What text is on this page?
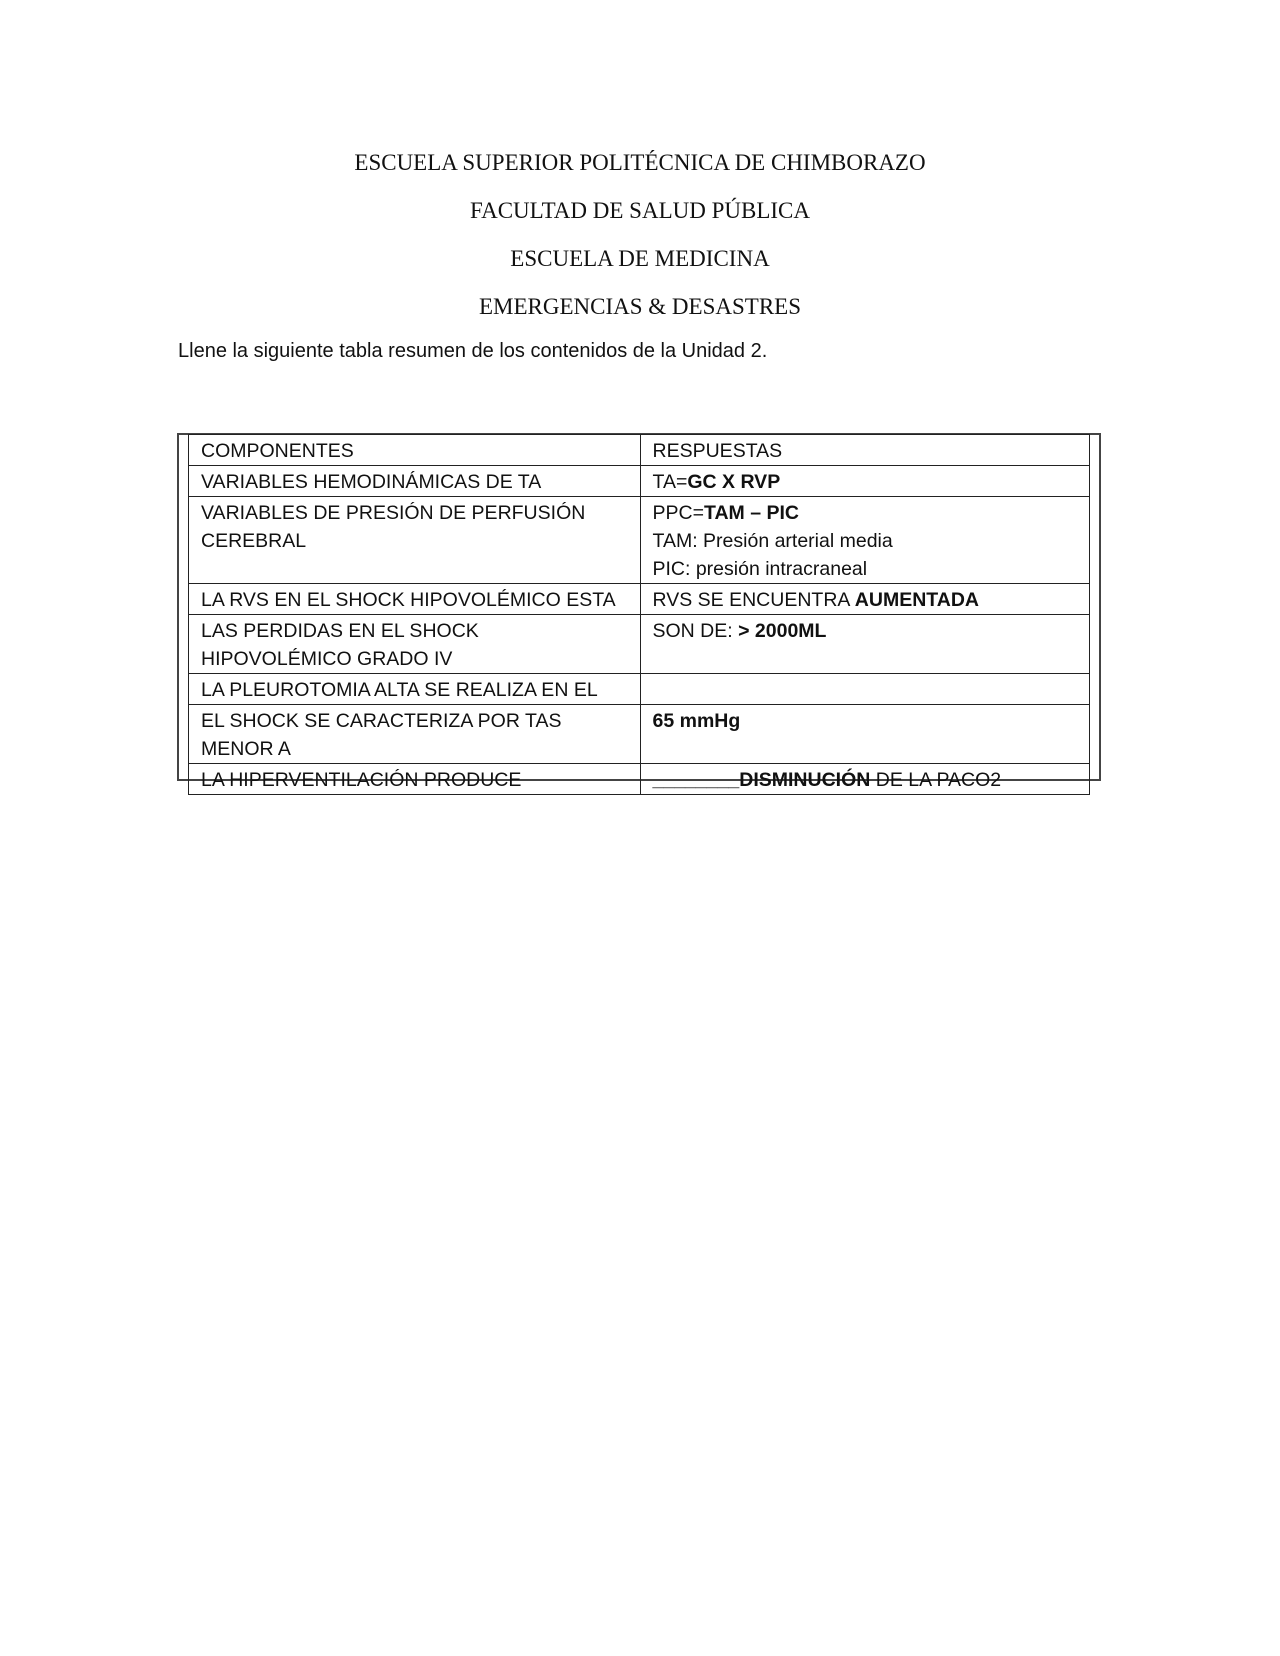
ESCUELA SUPERIOR POLITÉCNICA DE CHIMBORAZO
FACULTAD DE SALUD PÚBLICA
ESCUELA DE MEDICINA
EMERGENCIAS & DESASTRES
Llene la siguiente tabla resumen de los contenidos de la Unidad 2.
COMPONENTES	RESPUESTAS
VARIABLES HEMODINÁMICAS DE TA	TA=GC X RVP
VARIABLES DE PRESIÓN DE PERFUSIÓN CEREBRAL	PPC=TAM – PIC
TAM: Presión arterial media
PIC: presión intracraneal

LA RVS EN EL SHOCK HIPOVOLÉMICO ESTA	RVS SE ENCUENTRA AUMENTADA
LAS PERDIDAS EN EL SHOCK HIPOVOLÉMICO GRADO IV	SON DE: > 2000ML
LA PLEUROTOMIA ALTA SE REALIZA EN EL	
EL SHOCK SE CARACTERIZA POR TAS MENOR A	65 mmHg
LA HIPERVENTILACIÓN PRODUCE	________DISMINUCIÓN DE LA PACO2
